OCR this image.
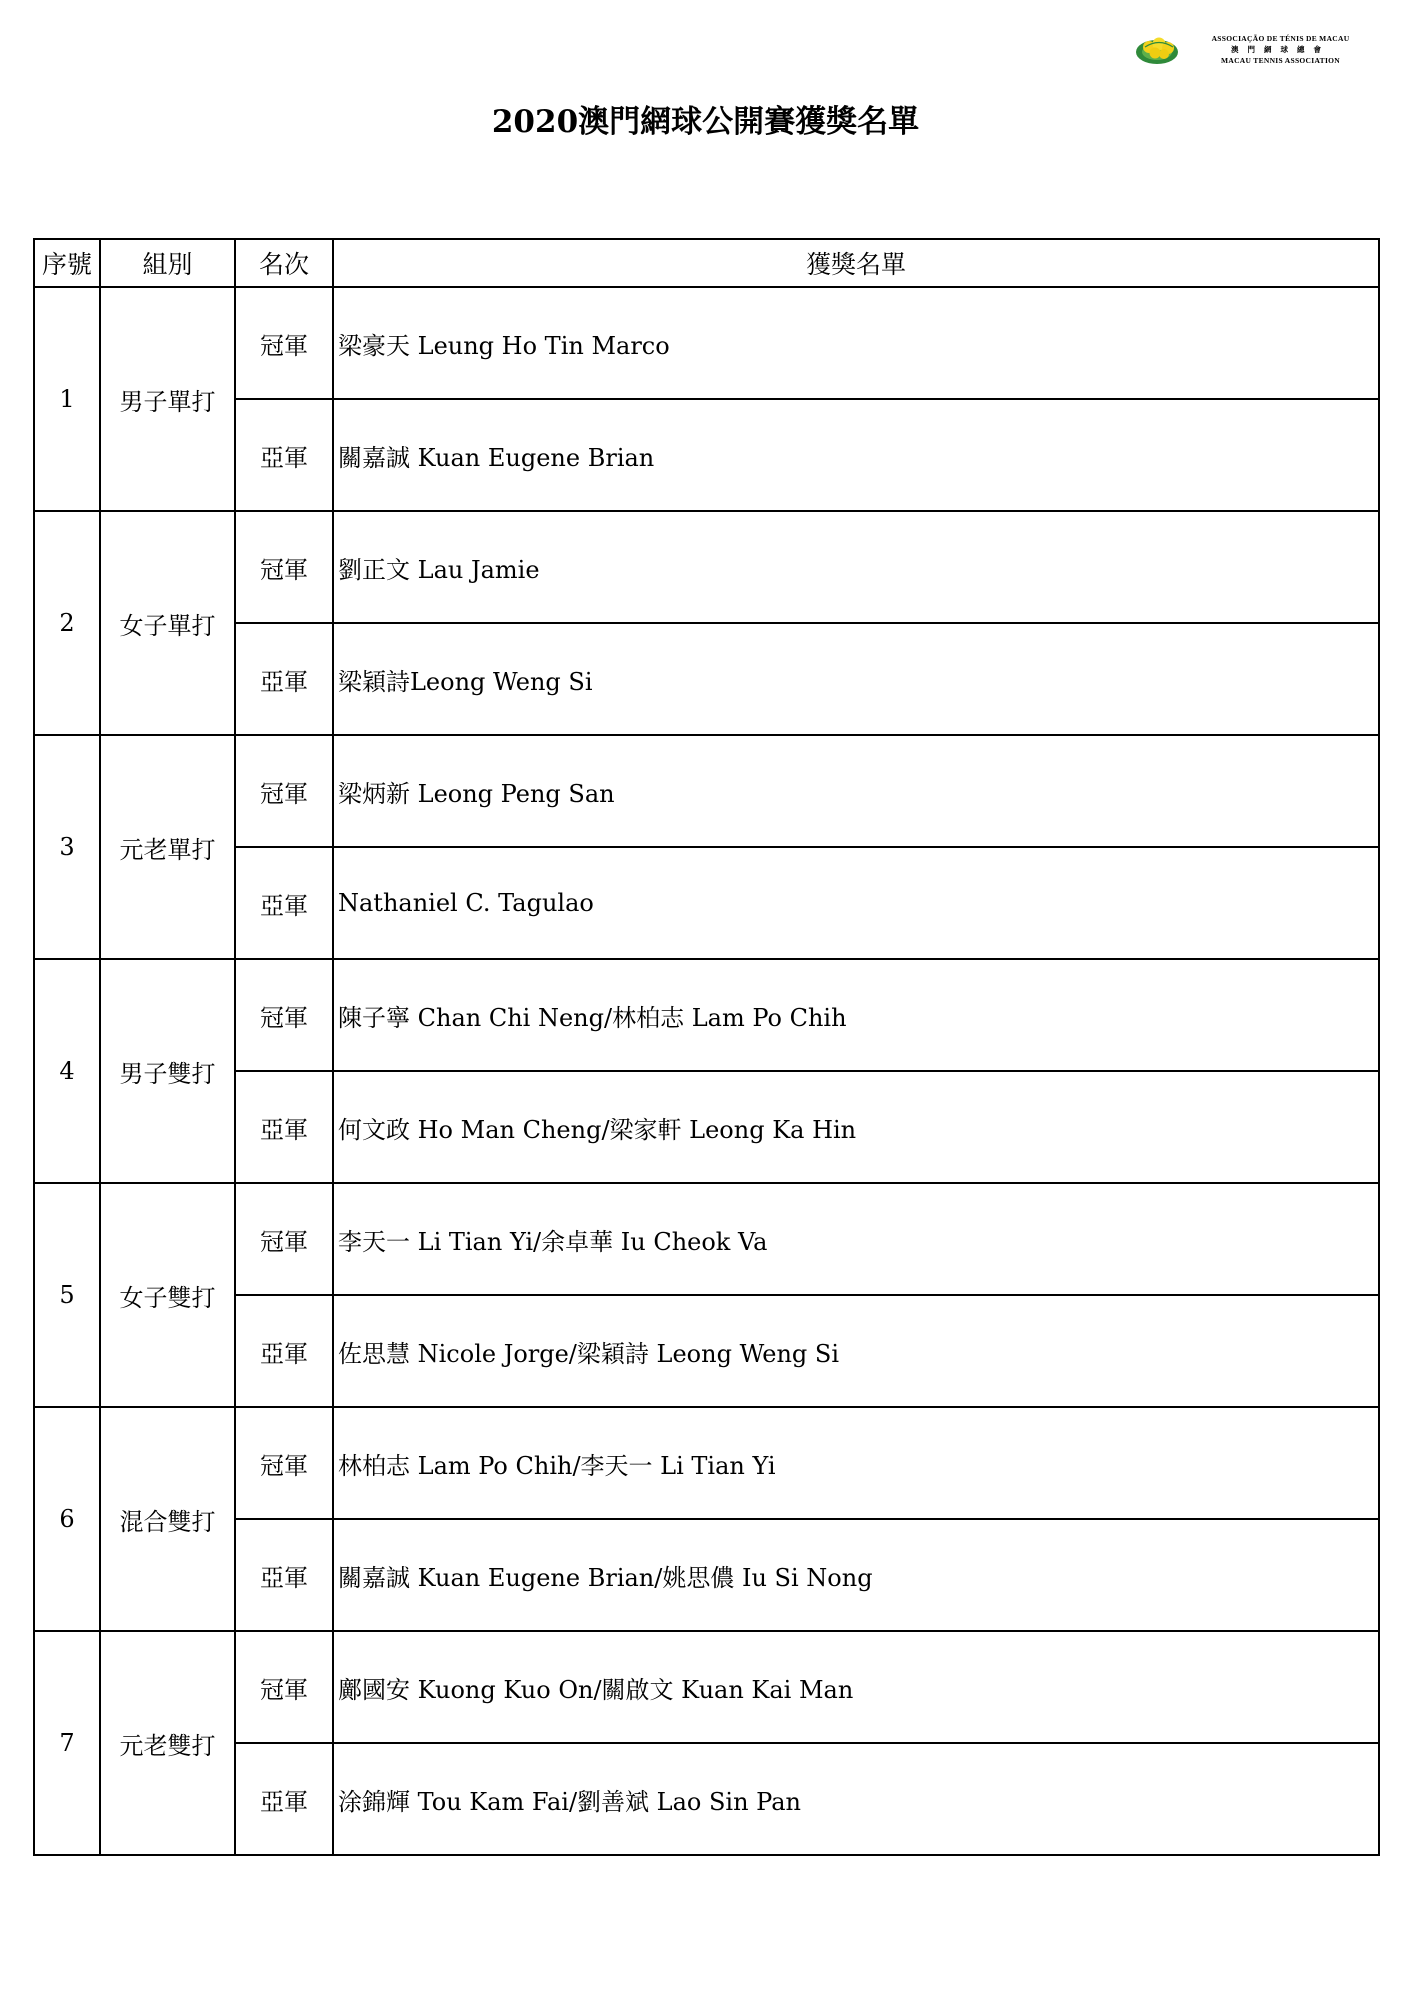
ASSOCIAÇÃO DE TÉNIS DE MACAU
澳門網球總會
MACAU TENNIS ASSOCIATION
2020澳門網球公開賽獲獎名單
序號	組別	名次	獲獎名單
1	男子單打	冠軍	梁豪天 Leung Ho Tin Marco
		亞軍	關嘉誠 Kuan Eugene Brian
2	女子單打	冠軍	劉正文 Lau Jamie
		亞軍	梁穎詩Leong Weng Si
3	元老單打	冠軍	梁炳新 Leong Peng San
		亞軍	Nathaniel C. Tagulao
4	男子雙打	冠軍	陳子寧 Chan Chi Neng/林柏志 Lam Po Chih
		亞軍	何文政 Ho Man Cheng/梁家軒 Leong Ka Hin
5	女子雙打	冠軍	李天一 Li Tian Yi/余卓華 Iu Cheok Va
		亞軍	佐思慧 Nicole Jorge/梁穎詩 Leong Weng Si
6	混合雙打	冠軍	林柏志 Lam Po Chih/李天一 Li Tian Yi
		亞軍	關嘉誠 Kuan Eugene Brian/姚思儂 Iu Si Nong
7	元老雙打	冠軍	鄺國安 Kuong Kuo On/關啟文 Kuan Kai Man
		亞軍	涂錦輝 Tou Kam Fai/劉善斌 Lao Sin Pan
